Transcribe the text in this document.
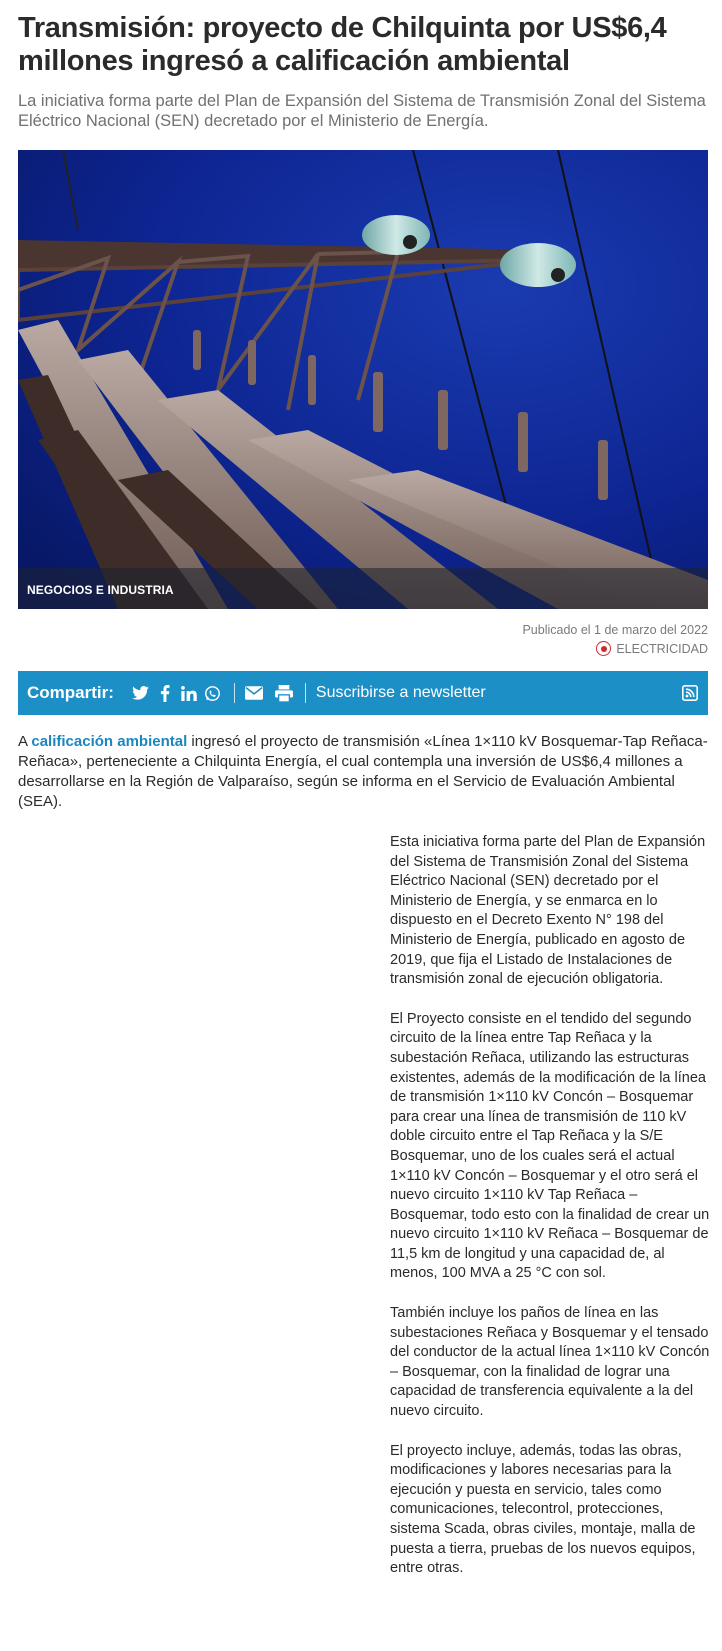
Transmisión: proyecto de Chilquinta por US$6,4 millones ingresó a calificación ambiental

La iniciativa forma parte del Plan de Expansión del Sistema de Transmisión Zonal del Sistema Eléctrico Nacional (SEN) decretado por el Ministerio de Energía.

NEGOCIOS E INDUSTRIA
Publicado el 1 de marzo del 2022
ELECTRICIDAD
Compartir:	Suscribirse a newsletter

A calificación ambiental ingresó el proyecto de transmisión «Línea 1×110 kV Bosquemar-Tap Reñaca-Reñaca», perteneciente a Chilquinta Energía, el cual contempla una inversión de US$6,4 millones a desarrollarse en la Región de Valparaíso, según se informa en el Servicio de Evaluación Ambiental (SEA).

Esta iniciativa forma parte del Plan de Expansión del Sistema de Transmisión Zonal del Sistema Eléctrico Nacional (SEN) decretado por el Ministerio de Energía, y se enmarca en lo dispuesto en el Decreto Exento N° 198 del Ministerio de Energía, publicado en agosto de 2019, que fija el Listado de Instalaciones de transmisión zonal de ejecución obligatoria.

El Proyecto consiste en el tendido del segundo circuito de la línea entre Tap Reñaca y la subestación Reñaca, utilizando las estructuras existentes, además de la modificación de la línea de transmisión 1×110 kV Concón – Bosquemar para crear una línea de transmisión de 110 kV doble circuito entre el Tap Reñaca y la S/E Bosquemar, uno de los cuales será el actual 1×110 kV Concón – Bosquemar y el otro será el nuevo circuito 1×110 kV Tap Reñaca – Bosquemar, todo esto con la finalidad de crear un nuevo circuito 1×110 kV Reñaca – Bosquemar de 11,5 km de longitud y una capacidad de, al menos, 100 MVA a 25 °C con sol.

También incluye los paños de línea en las subestaciones Reñaca y Bosquemar y el tensado del conductor de la actual línea 1×110 kV Concón – Bosquemar, con la finalidad de lograr una capacidad de transferencia equivalente a la del nuevo circuito.

El proyecto incluye, además, todas las obras, modificaciones y labores necesarias para la ejecución y puesta en servicio, tales como comunicaciones, telecontrol, protecciones, sistema Scada, obras civiles, montaje, malla de puesta a tierra, pruebas de los nuevos equipos, entre otras.
